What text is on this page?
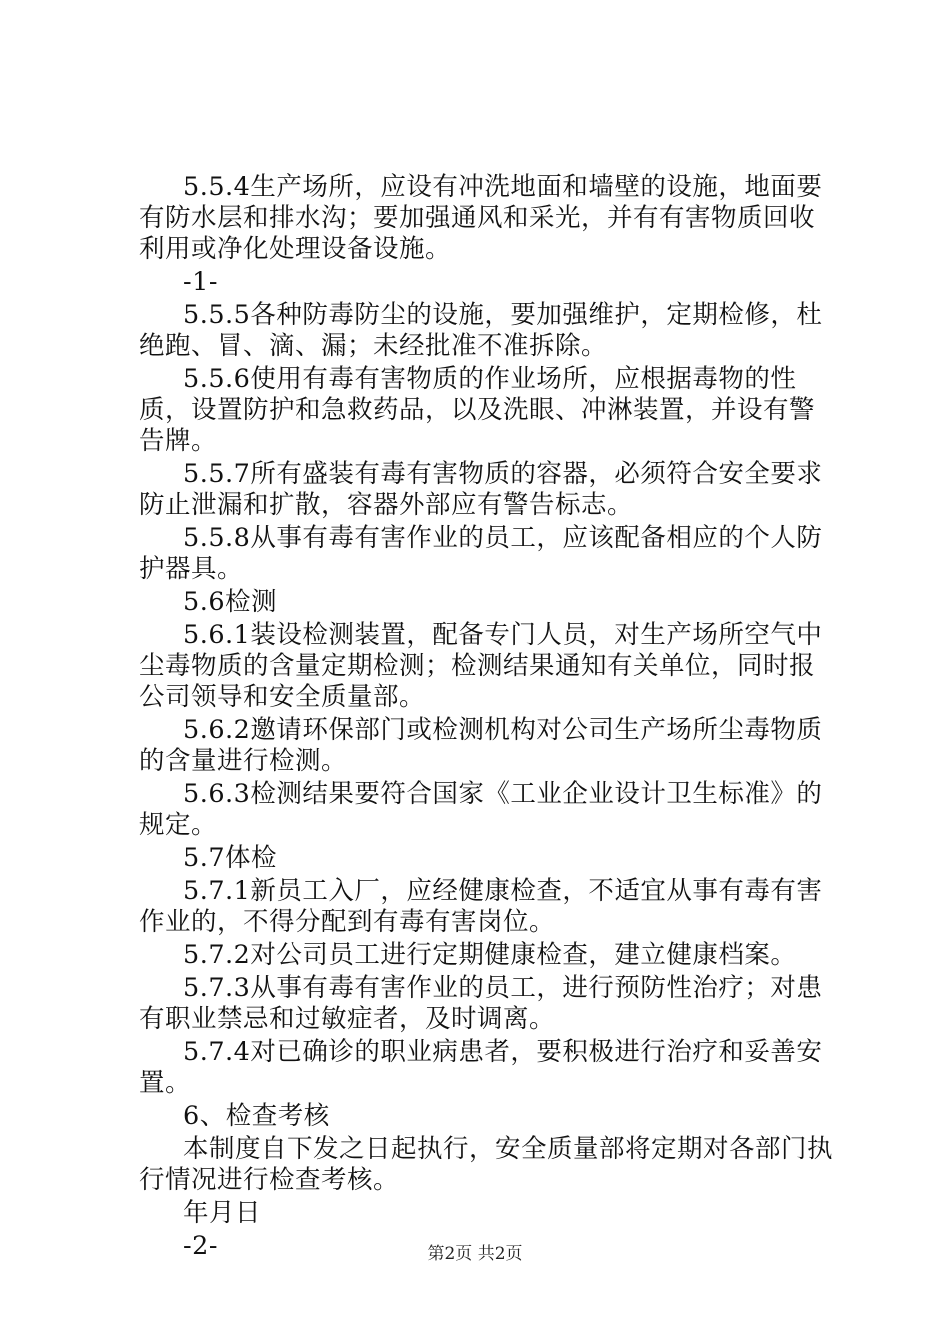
5.5.4生产场所，应设有冲洗地面和墙壁的设施，地面要有防水层和排水沟；要加强通风和采光，并有有害物质回收利用或净化处理设备设施。

-1-

5.5.5各种防毒防尘的设施，要加强维护，定期检修，杜绝跑、冒、滴、漏；未经批准不准拆除。

5.5.6使用有毒有害物质的作业场所，应根据毒物的性质，设置防护和急救药品，以及洗眼、冲淋装置，并设有警告牌。

5.5.7所有盛装有毒有害物质的容器，必须符合安全要求防止泄漏和扩散，容器外部应有警告标志。

5.5.8从事有毒有害作业的员工，应该配备相应的个人防护器具。

5.6检测

5.6.1装设检测装置，配备专门人员，对生产场所空气中尘毒物质的含量定期检测；检测结果通知有关单位，同时报公司领导和安全质量部。

5.6.2邀请环保部门或检测机构对公司生产场所尘毒物质的含量进行检测。

5.6.3检测结果要符合国家《工业企业设计卫生标准》的规定。

5.7体检

5.7.1新员工入厂，应经健康检查，不适宜从事有毒有害作业的，不得分配到有毒有害岗位。

5.7.2对公司员工进行定期健康检查，建立健康档案。

5.7.3从事有毒有害作业的员工，进行预防性治疗；对患有职业禁忌和过敏症者，及时调离。

5.7.4对已确诊的职业病患者，要积极进行治疗和妥善安置。

6、检查考核

本制度自下发之日起执行，安全质量部将定期对各部门执行情况进行检查考核。

年月日

-2-	第2页 共2页
